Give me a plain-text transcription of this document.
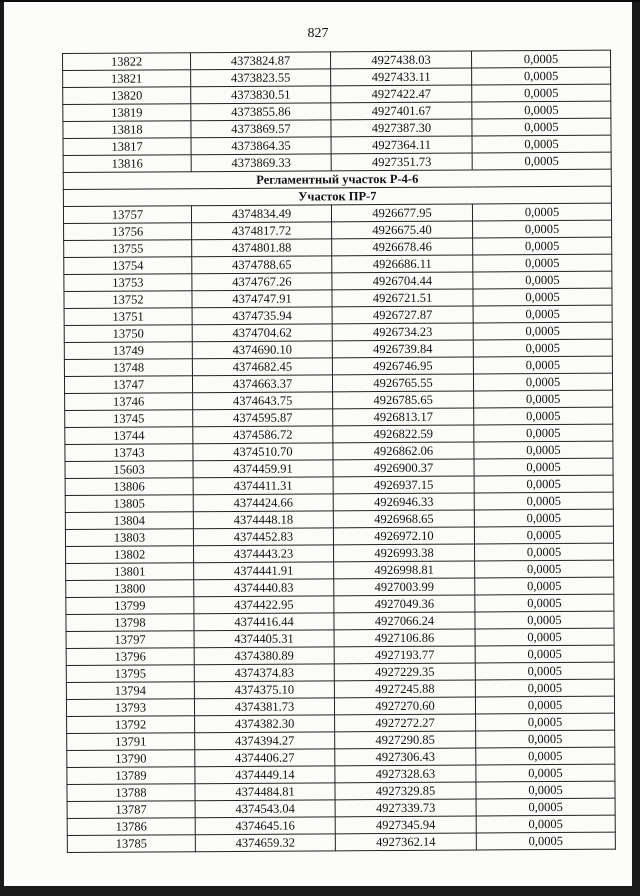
827
13822	4373824.87	4927438.03	0,0005
13821	4373823.55	4927433.11	0,0005
13820	4373830.51	4927422.47	0,0005
13819	4373855.86	4927401.67	0,0005
13818	4373869.57	4927387.30	0,0005
13817	4373864.35	4927364.11	0,0005
13816	4373869.33	4927351.73	0,0005
Регламентный участок Р-4-6			
Участок ПР-7			
13757	4374834.49	4926677.95	0,0005
13756	4374817.72	4926675.40	0,0005
13755	4374801.88	4926678.46	0,0005
13754	4374788.65	4926686.11	0,0005
13753	4374767.26	4926704.44	0,0005
13752	4374747.91	4926721.51	0,0005
13751	4374735.94	4926727.87	0,0005
13750	4374704.62	4926734.23	0,0005
13749	4374690.10	4926739.84	0,0005
13748	4374682.45	4926746.95	0,0005
13747	4374663.37	4926765.55	0,0005
13746	4374643.75	4926785.65	0,0005
13745	4374595.87	4926813.17	0,0005
13744	4374586.72	4926822.59	0,0005
13743	4374510.70	4926862.06	0,0005
15603	4374459.91	4926900.37	0,0005
13806	4374411.31	4926937.15	0,0005
13805	4374424.66	4926946.33	0,0005
13804	4374448.18	4926968.65	0,0005
13803	4374452.83	4926972.10	0,0005
13802	4374443.23	4926993.38	0,0005
13801	4374441.91	4926998.81	0,0005
13800	4374440.83	4927003.99	0,0005
13799	4374422.95	4927049.36	0,0005
13798	4374416.44	4927066.24	0,0005
13797	4374405.31	4927106.86	0,0005
13796	4374380.89	4927193.77	0,0005
13795	4374374.83	4927229.35	0,0005
13794	4374375.10	4927245.88	0,0005
13793	4374381.73	4927270.60	0,0005
13792	4374382.30	4927272.27	0,0005
13791	4374394.27	4927290.85	0,0005
13790	4374406.27	4927306.43	0,0005
13789	4374449.14	4927328.63	0,0005
13788	4374484.81	4927329.85	0,0005
13787	4374543.04	4927339.73	0,0005
13786	4374645.16	4927345.94	0,0005
13785	4374659.32	4927362.14	0,0005
